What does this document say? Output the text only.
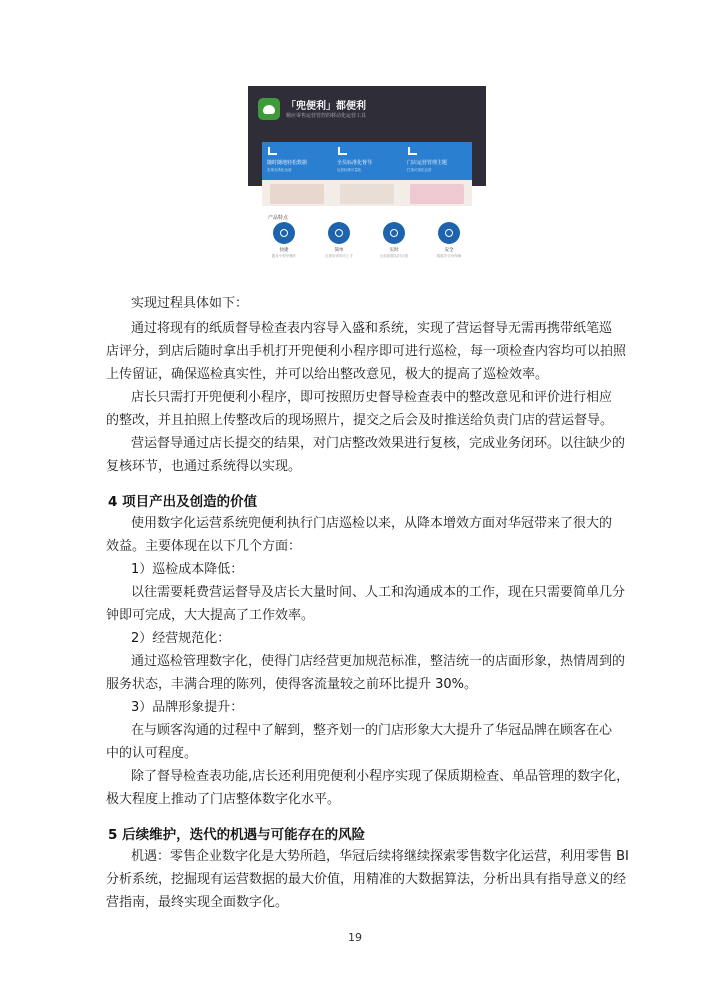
「兜便利」都便利
顺应零售运营管控的移动化运营工具
随时随地轻松数据
实现无纸化运营
全员标准化督导
运营标准可量化
门店运营管理主题
打造可视化运营
产品特点
快捷
随身小程序操作
简单
无需培训即可上手
实时
运营数据实时反馈
安全
数据安全有保障
实现过程具体如下：
通过将现有的纸质督导检查表内容导入盛和系统，实现了营运督导无需再携带纸笔巡
店评分，到店后随时拿出手机打开兜便利小程序即可进行巡检，每一项检查内容均可以拍照
上传留证，确保巡检真实性，并可以给出整改意见，极大的提高了巡检效率。
店长只需打开兜便利小程序，即可按照历史督导检查表中的整改意见和评价进行相应
的整改，并且拍照上传整改后的现场照片，提交之后会及时推送给负责门店的营运督导。
营运督导通过店长提交的结果，对门店整改效果进行复核，完成业务闭环。以往缺少的
复核环节，也通过系统得以实现。
4 项目产出及创造的价值
使用数字化运营系统兜便利执行门店巡检以来，从降本增效方面对华冠带来了很大的
效益。主要体现在以下几个方面：
1）巡检成本降低：
以往需要耗费营运督导及店长大量时间、人工和沟通成本的工作，现在只需要简单几分
钟即可完成，大大提高了工作效率。
2）经营规范化：
通过巡检管理数字化，使得门店经营更加规范标准，整洁统一的店面形象，热情周到的
服务状态，丰满合理的陈列，使得客流量较之前环比提升 30%。
3）品牌形象提升：
在与顾客沟通的过程中了解到，整齐划一的门店形象大大提升了华冠品牌在顾客在心
中的认可程度。
除了督导检查表功能,店长还利用兜便利小程序实现了保质期检查、单品管理的数字化，
极大程度上推动了门店整体数字化水平。
5 后续维护，迭代的机遇与可能存在的风险
机遇：零售企业数字化是大势所趋，华冠后续将继续探索零售数字化运营，利用零售 BI
分析系统，挖掘现有运营数据的最大价值，用精准的大数据算法，分析出具有指导意义的经
营指南，最终实现全面数字化。
19
